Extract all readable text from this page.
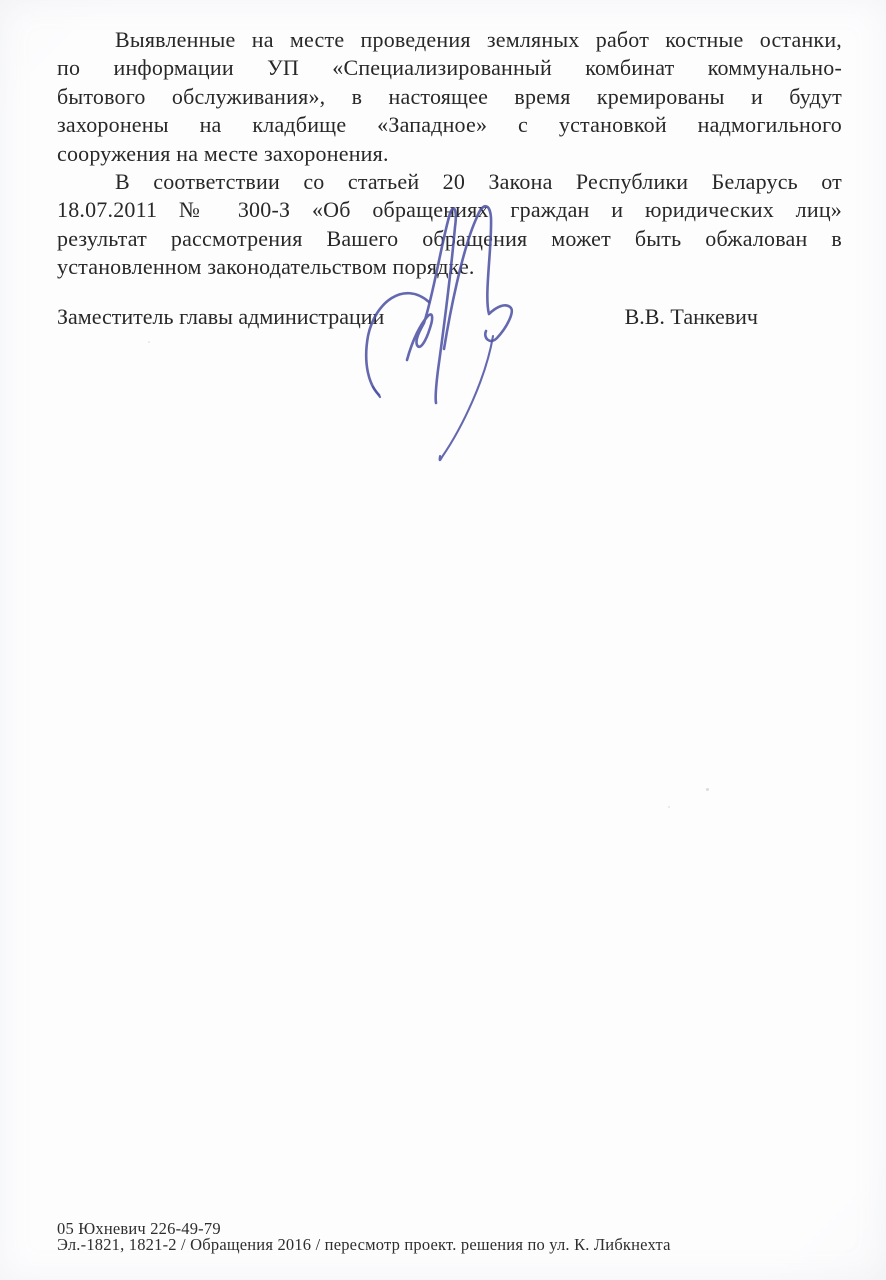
Выявленные на месте проведения земляных работ костные останки,
по информации УП «Специализированный комбинат коммунально-
бытового обслуживания», в настоящее время кремированы и будут
захоронены на кладбище «Западное» с установкой надмогильного
сооружения на месте захоронения.
В соответствии со статьей 20 Закона Республики Беларусь от
18.07.2011 № 300-З «Об обращениях граждан и юридических лиц»
результат рассмотрения Вашего обращения может быть обжалован в
установленном законодательством порядке.
Заместитель главы администрации	В.В. Танкевич
05 Юхневич 226-49-79
Эл.-1821, 1821-2 / Обращения 2016 / пересмотр проект. решения по ул. К. Либкнехта
